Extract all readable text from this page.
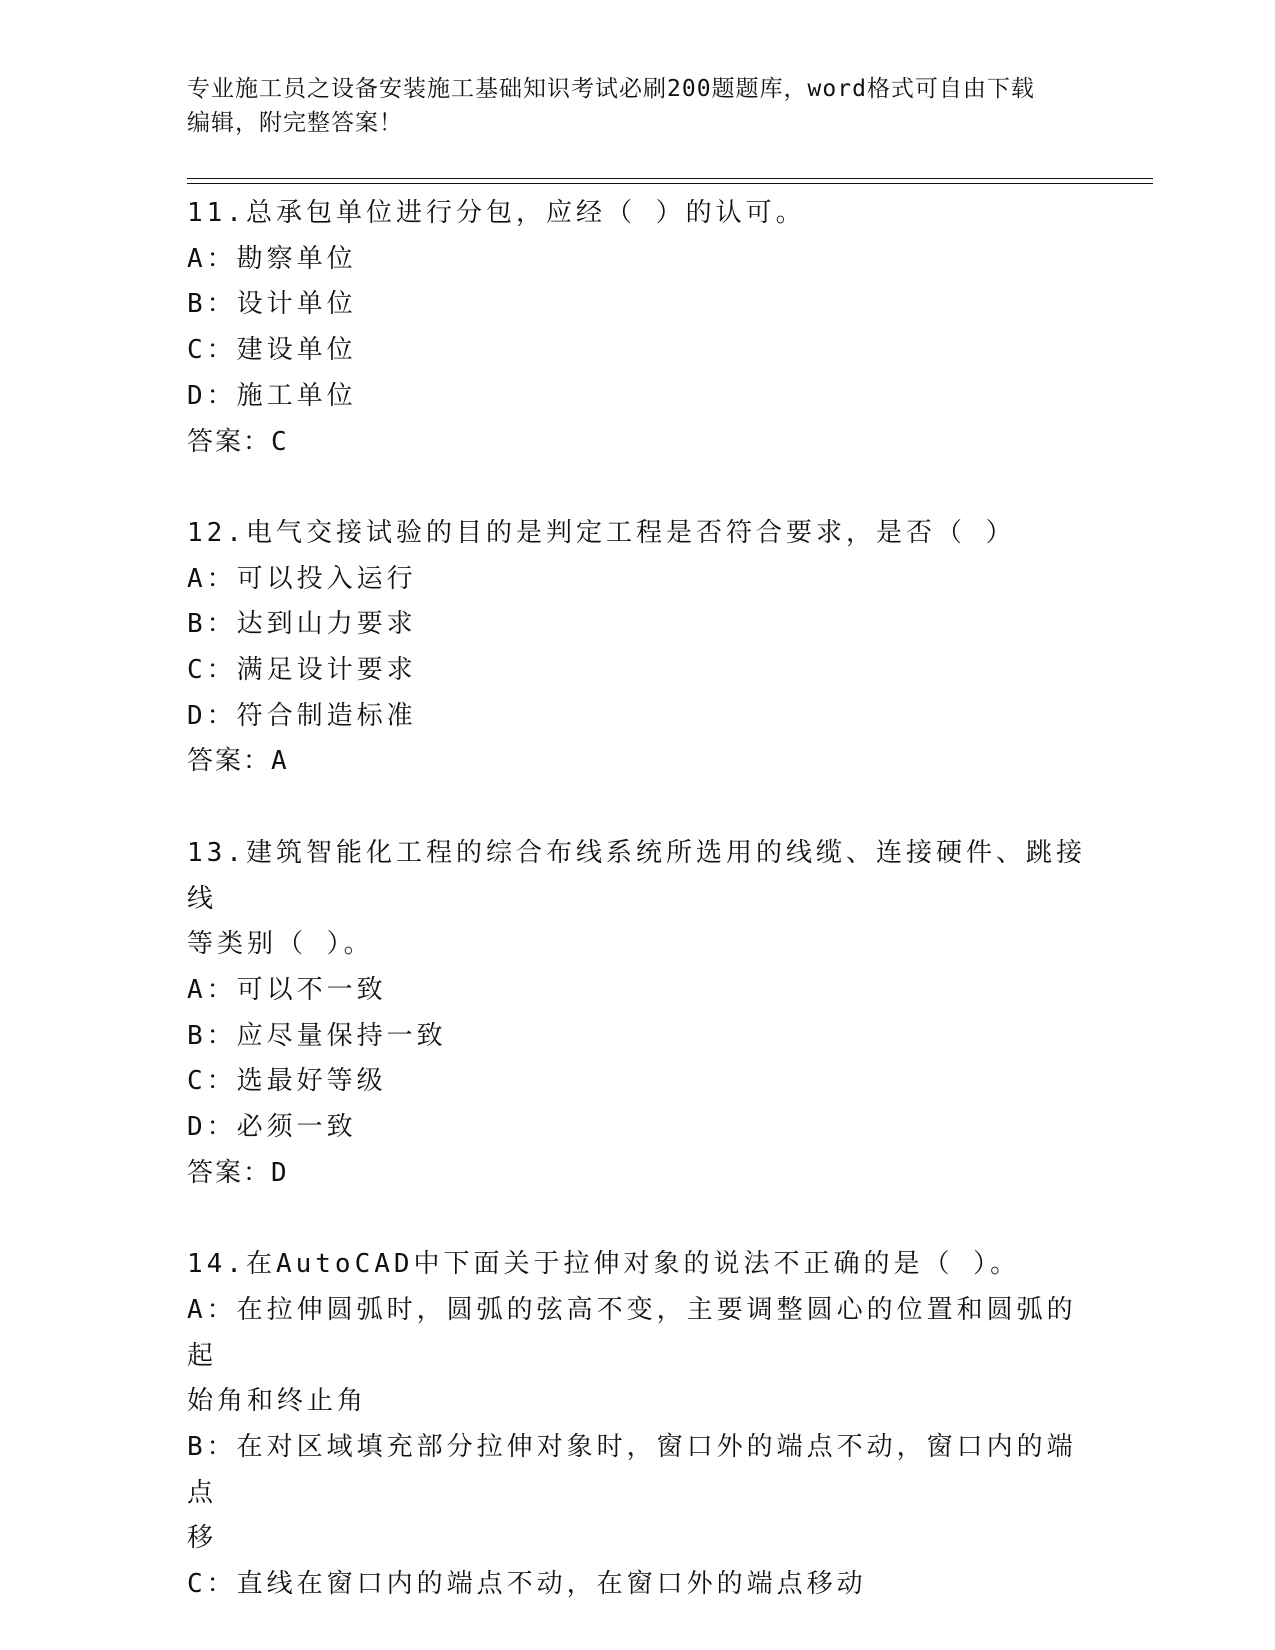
专业施工员之设备安装施工基础知识考试必刷200题题库，word格式可自由下载
编辑，附完整答案！
11.总承包单位进行分包，应经（ ）的认可。
A：勘察单位
B：设计单位
C：建设单位
D：施工单位
答案：C
12.电气交接试验的目的是判定工程是否符合要求，是否（ ）
A：可以投入运行
B：达到山力要求
C：满足设计要求
D：符合制造标准
答案：A
13.建筑智能化工程的综合布线系统所选用的线缆、连接硬件、跳接线
等类别（ ）。
A：可以不一致
B：应尽量保持一致
C：选最好等级
D：必须一致
答案：D
14.在AutoCAD中下面关于拉伸对象的说法不正确的是（ ）。
A：在拉伸圆弧时，圆弧的弦高不变，主要调整圆心的位置和圆弧的起
始角和终止角
B：在对区域填充部分拉伸对象时，窗口外的端点不动，窗口内的端点
移
C：直线在窗口内的端点不动，在窗口外的端点移动
